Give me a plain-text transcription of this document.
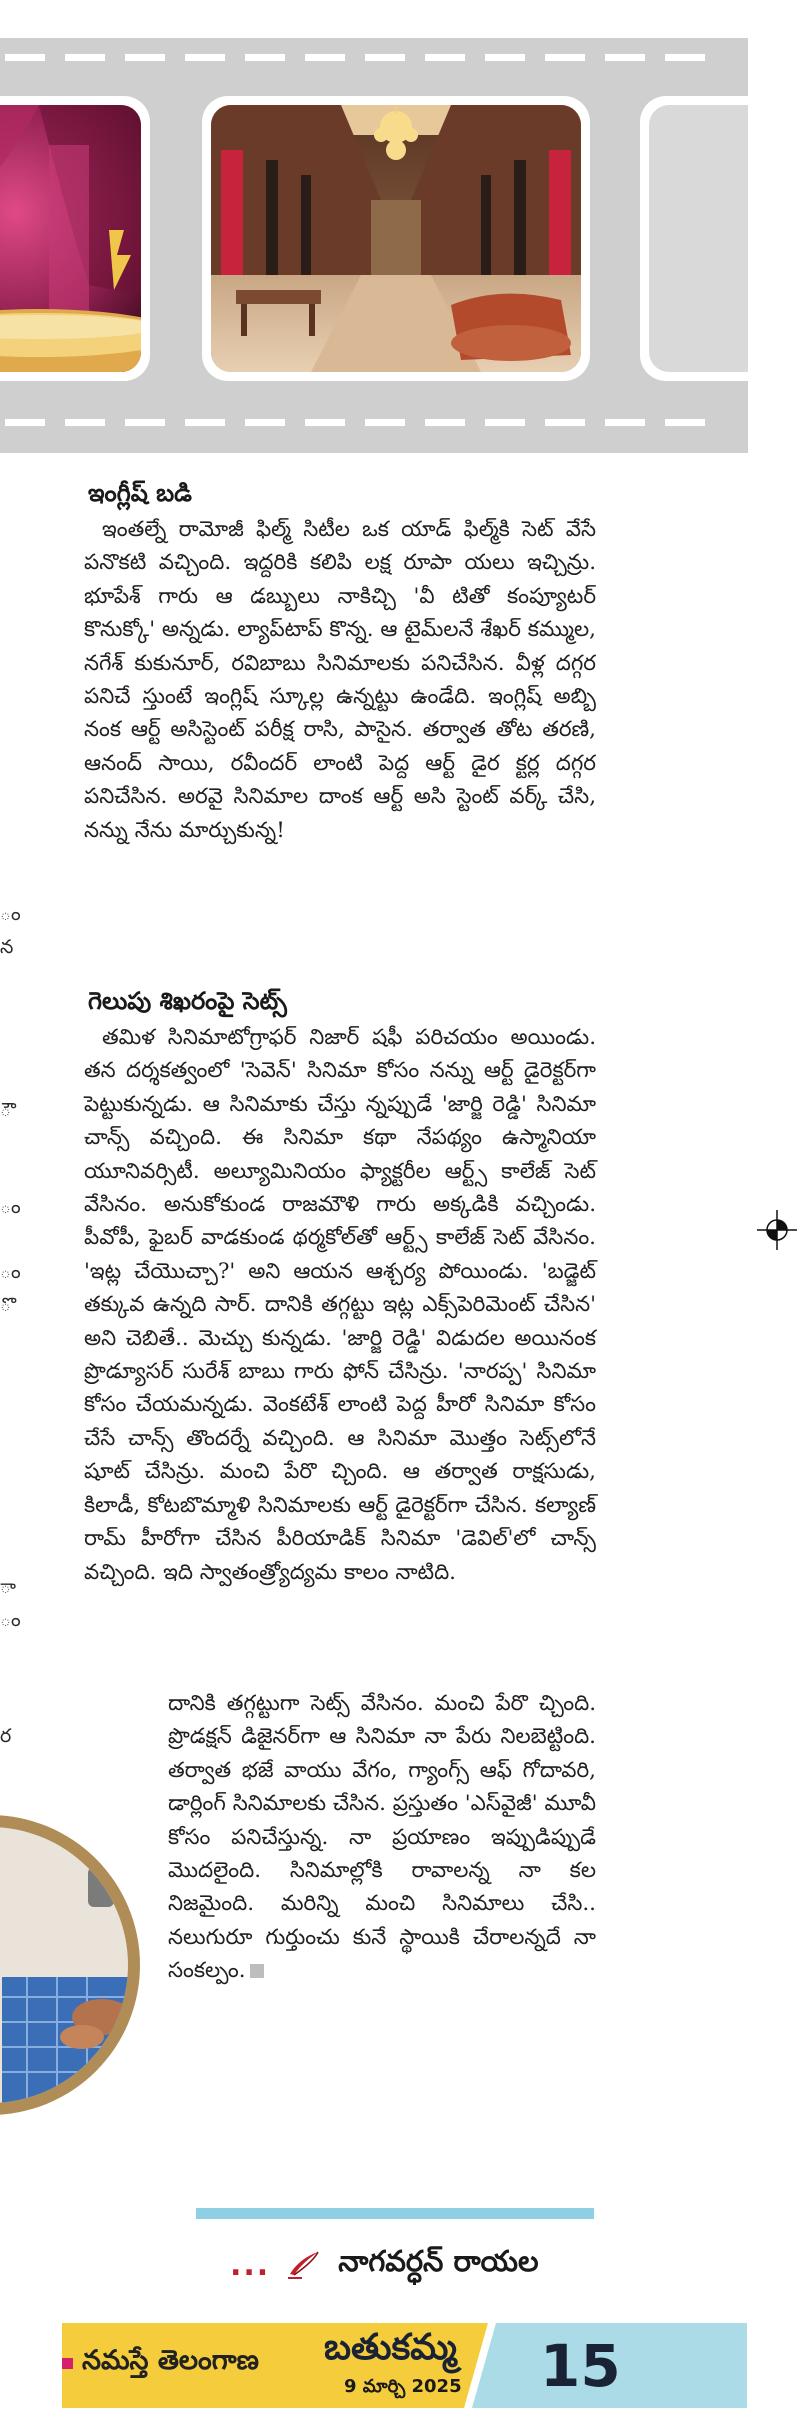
ం
న
ౌ
ం
ం
ొ
ా
ం
ర
ఇంగ్లీష్‌ బడి

ఇంతల్నే రామోజీ ఫిల్మ్‌ సిటీల ఒక యాడ్‌ ఫిల్మ్‌కి సెట్‌ వేసే పనొకటి వచ్చింది. ఇద్దరికి కలిపి లక్ష రూపా యలు ఇచ్చిన్రు. భూపేశ్‌ గారు ఆ డబ్బులు నాకిచ్చి 'వీ టితో కంప్యూటర్‌ కొనుక్కో' అన్నడు. ల్యాప్‌టాప్‌ కొన్న. ఆ టైమ్‌లనే శేఖర్‌ కమ్ముల, నగేశ్‌ కుకునూర్‌, రవిబాబు సినిమాలకు పనిచేసిన. వీళ్ల దగ్గర పనిచే స్తుంటే ఇంగ్లిష్‌ స్కూల్ల ఉన్నట్టు ఉండేది. ఇంగ్లిష్‌ అబ్బి నంక ఆర్ట్‌ అసిస్టెంట్‌ పరీక్ష రాసి, పాసైన. తర్వాత తోట తరణి, ఆనంద్‌ సాయి, రవీందర్‌ లాంటి పెద్ద ఆర్ట్‌ డైర క్టర్ల దగ్గర పనిచేసిన. అరవై సినిమాల దాంక ఆర్ట్‌ అసి స్టెంట్‌ వర్క్‌ చేసి, నన్ను నేను మార్చుకున్న!

గెలుపు శిఖరంపై సెట్స్‌

తమిళ సినిమాటోగ్రాఫర్‌ నిజార్‌ షఫీ పరిచయం అయిండు. తన దర్శకత్వంలో 'సెవెన్‌' సినిమా కోసం నన్ను ఆర్ట్‌ డైరెక్టర్‌గా పెట్టుకున్నడు. ఆ సినిమాకు చేస్తు న్నప్పుడే 'జార్జి రెడ్డి' సినిమా చాన్స్‌ వచ్చింది. ఈ సినిమా కథా నేపథ్యం ఉస్మానియా యూనివర్సిటీ. అల్యూమినియం ఫ్యాక్టరీల ఆర్ట్స్‌ కాలేజ్‌ సెట్‌ వేసినం. అనుకోకుండ రాజమౌళి గారు అక్కడికి వచ్చిండు. పీవోపీ, ఫైబర్‌ వాడకుండ థర్మకోల్‌తో ఆర్ట్స్‌ కాలేజ్‌ సెట్‌ వేసినం. 'ఇట్ల చేయొచ్చా?' అని ఆయన ఆశ్చర్య పోయిండు. 'బడ్జెట్‌ తక్కువ ఉన్నది సార్‌. దానికి తగ్గట్టు ఇట్ల ఎక్స్‌పెరిమెంట్‌ చేసిన' అని చెబితే.. మెచ్చు కున్నడు. 'జార్జి రెడ్డి' విడుదల అయినంక ప్రొడ్యూసర్‌ సురేశ్‌ బాబు గారు ఫోన్‌ చేసిన్రు. 'నారప్ప' సినిమా కోసం చేయమన్నడు. వెంకటేశ్‌ లాంటి పెద్ద హీరో సినిమా కోసం చేసే చాన్స్‌ తొందర్నే వచ్చింది. ఆ సినిమా మొత్తం సెట్స్‌లోనే షూట్‌ చేసిన్రు. మంచి పేరొ చ్చింది. ఆ తర్వాత రాక్షసుడు, కిలాడీ, కోటబొమ్మాళి సినిమాలకు ఆర్ట్‌ డైరెక్టర్‌గా చేసిన. కల్యాణ్‌ రామ్‌ హీరోగా చేసిన పీరియాడిక్‌ సినిమా 'డెవిల్‌'లో చాన్స్‌ వచ్చింది. ఇది స్వాతంత్ర్యోద్యమ కాలం నాటిది.

దానికి తగ్గట్టుగా సెట్స్‌ వేసినం. మంచి పేరొ చ్చింది. ప్రొడక్షన్‌ డిజైనర్‌గా ఆ సినిమా నా పేరు నిలబెట్టింది. తర్వాత భజే వాయు వేగం, గ్యాంగ్స్‌ ఆఫ్‌ గోదావరి, డార్లింగ్‌ సినిమాలకు చేసిన. ప్రస్తుతం 'ఎస్‌వైజీ' మూవీ కోసం పనిచేస్తున్న. నా ప్రయాణం ఇప్పుడిప్పుడే మొదలైంది. సినిమాల్లోకి రావాలన్న నా కల నిజమైంది. మరిన్ని మంచి సినిమాలు చేసి.. నలుగురూ గుర్తుంచు కునే స్థాయికి చేరాలన్నదే నా సంకల్పం.

... నాగవర్ధన్‌ రాయల
నమస్తే తెలంగాణ బతుకమ్మ
9 మార్చి 2025 15
